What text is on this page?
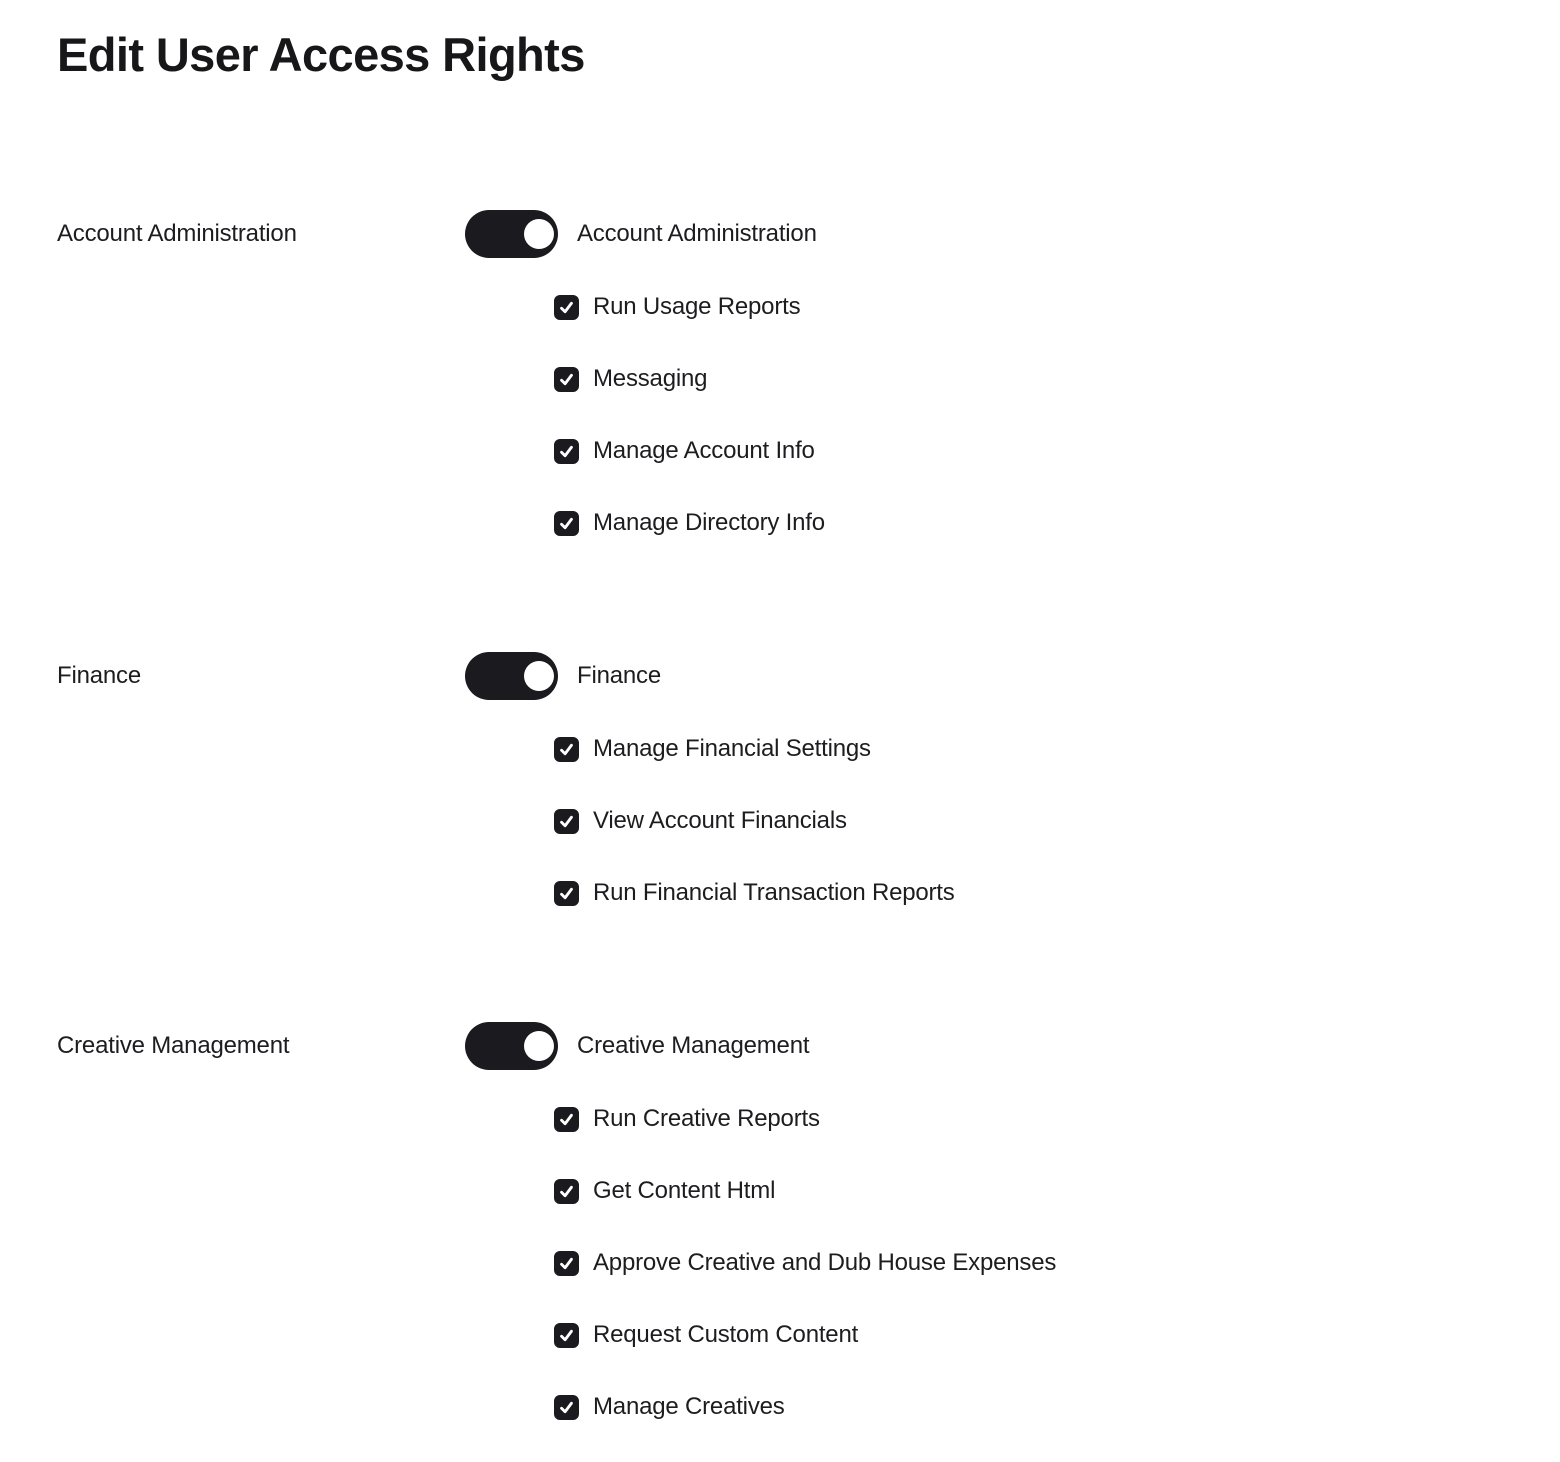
Edit User Access Rights
Account Administration	Account Administration
Run Usage Reports
Messaging
Manage Account Info
Manage Directory Info
Finance	Finance
Manage Financial Settings
View Account Financials
Run Financial Transaction Reports
Creative Management	Creative Management
Run Creative Reports
Get Content Html
Approve Creative and Dub House Expenses
Request Custom Content
Manage Creatives
